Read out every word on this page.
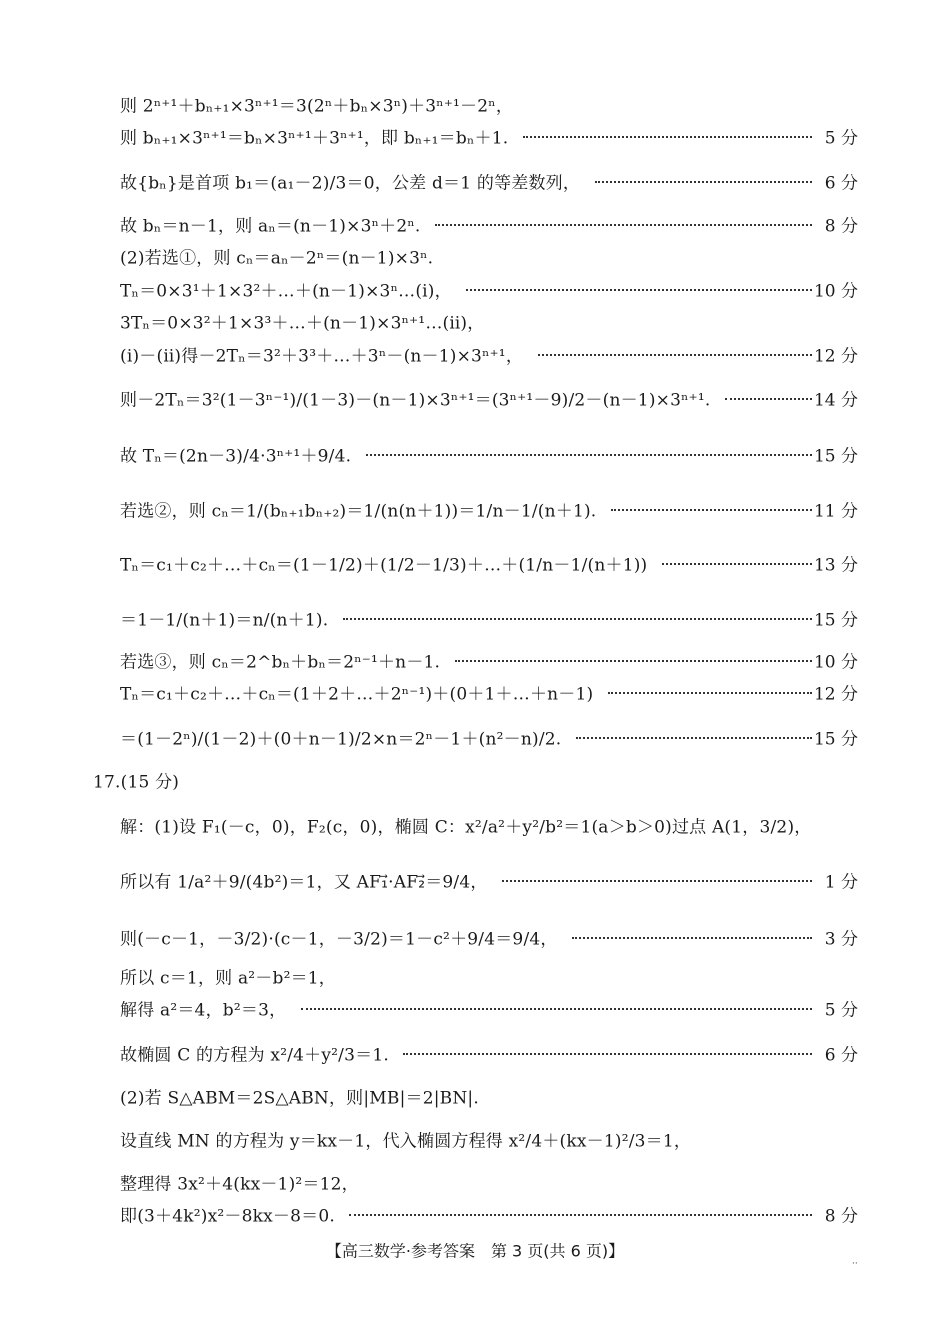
则 2ⁿ⁺¹＋bₙ₊₁×3ⁿ⁺¹＝3(2ⁿ＋bₙ×3ⁿ)＋3ⁿ⁺¹－2ⁿ，
则 bₙ₊₁×3ⁿ⁺¹＝bₙ×3ⁿ⁺¹＋3ⁿ⁺¹，即 bₙ₊₁＝bₙ＋1.	5 分
故{bₙ}是首项 b₁＝(a₁－2)/3＝0，公差 d＝1 的等差数列，	6 分
故 bₙ＝n－1，则 aₙ＝(n－1)×3ⁿ＋2ⁿ.	8 分
(2)若选①，则 cₙ＝aₙ－2ⁿ＝(n－1)×3ⁿ.
Tₙ＝0×3¹＋1×3²＋…＋(n－1)×3ⁿ…(ⅰ)，	10 分
3Tₙ＝0×3²＋1×3³＋…＋(n－1)×3ⁿ⁺¹…(ⅱ)，
(ⅰ)－(ⅱ)得－2Tₙ＝3²＋3³＋…＋3ⁿ－(n－1)×3ⁿ⁺¹，	12 分
则－2Tₙ＝3²(1－3ⁿ⁻¹)/(1－3)－(n－1)×3ⁿ⁺¹＝(3ⁿ⁺¹－9)/2－(n－1)×3ⁿ⁺¹.	14 分
故 Tₙ＝(2n－3)/4·3ⁿ⁺¹＋9/4.	15 分
若选②，则 cₙ＝1/(bₙ₊₁bₙ₊₂)＝1/(n(n＋1))＝1/n－1/(n＋1).	11 分
Tₙ＝c₁＋c₂＋…＋cₙ＝(1－1/2)＋(1/2－1/3)＋…＋(1/n－1/(n＋1))	13 分
＝1－1/(n＋1)＝n/(n＋1).	15 分
若选③，则 cₙ＝2^bₙ＋bₙ＝2ⁿ⁻¹＋n－1.	10 分
Tₙ＝c₁＋c₂＋…＋cₙ＝(1＋2＋…＋2ⁿ⁻¹)＋(0＋1＋…＋n－1)	12 分
＝(1－2ⁿ)/(1－2)＋(0＋n－1)/2×n＝2ⁿ－1＋(n²－n)/2.	15 分
17.(15 分)
解：(1)设 F₁(－c，0)，F₂(c，0)，椭圆 C：x²/a²＋y²/b²＝1(a＞b＞0)过点 A(1，3/2)，
所以有 1/a²＋9/(4b²)＝1，又 AF₁⃗·AF₂⃗＝9/4，	1 分
则(－c－1，－3/2)·(c－1，－3/2)＝1－c²＋9/4＝9/4，	3 分
所以 c＝1，则 a²－b²＝1，
解得 a²＝4，b²＝3，	5 分
故椭圆 C 的方程为 x²/4＋y²/3＝1.	6 分
(2)若 S△ABM＝2S△ABN，则|MB|＝2|BN|.
设直线 MN 的方程为 y＝kx－1，代入椭圆方程得 x²/4＋(kx－1)²/3＝1，
整理得 3x²＋4(kx－1)²＝12，
即(3＋4k²)x²－8kx－8＝0.	8 分
【高三数学·参考答案　第 3 页(共 6 页)】
··
